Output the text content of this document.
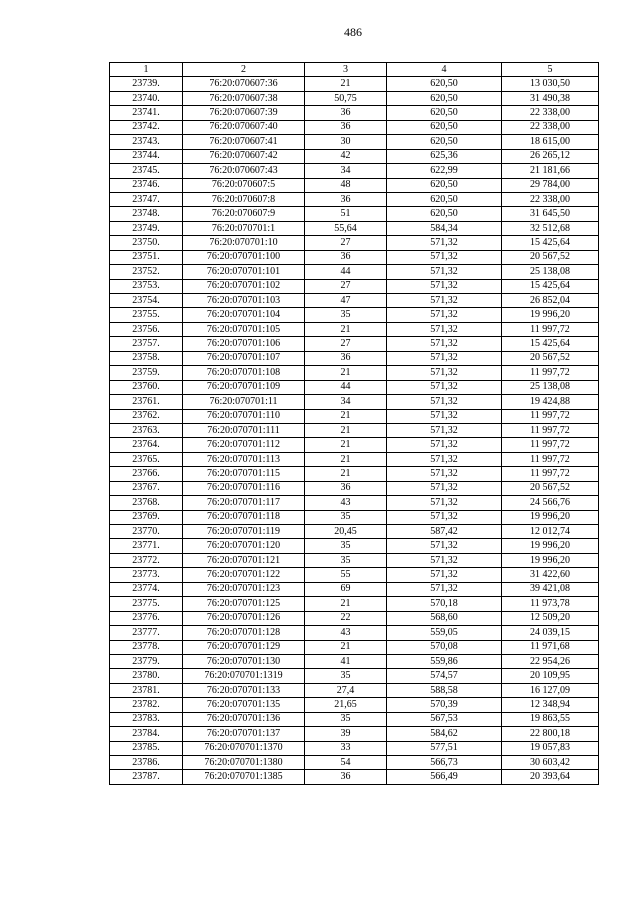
486
1	2	3	4	5
23739.	76:20:070607:36	21	620,50	13 030,50
23740.	76:20:070607:38	50,75	620,50	31 490,38
23741.	76:20:070607:39	36	620,50	22 338,00
23742.	76:20:070607:40	36	620,50	22 338,00
23743.	76:20:070607:41	30	620,50	18 615,00
23744.	76:20:070607:42	42	625,36	26 265,12
23745.	76:20:070607:43	34	622,99	21 181,66
23746.	76:20:070607:5	48	620,50	29 784,00
23747.	76:20:070607:8	36	620,50	22 338,00
23748.	76:20:070607:9	51	620,50	31 645,50
23749.	76:20:070701:1	55,64	584,34	32 512,68
23750.	76:20:070701:10	27	571,32	15 425,64
23751.	76:20:070701:100	36	571,32	20 567,52
23752.	76:20:070701:101	44	571,32	25 138,08
23753.	76:20:070701:102	27	571,32	15 425,64
23754.	76:20:070701:103	47	571,32	26 852,04
23755.	76:20:070701:104	35	571,32	19 996,20
23756.	76:20:070701:105	21	571,32	11 997,72
23757.	76:20:070701:106	27	571,32	15 425,64
23758.	76:20:070701:107	36	571,32	20 567,52
23759.	76:20:070701:108	21	571,32	11 997,72
23760.	76:20:070701:109	44	571,32	25 138,08
23761.	76:20:070701:11	34	571,32	19 424,88
23762.	76:20:070701:110	21	571,32	11 997,72
23763.	76:20:070701:111	21	571,32	11 997,72
23764.	76:20:070701:112	21	571,32	11 997,72
23765.	76:20:070701:113	21	571,32	11 997,72
23766.	76:20:070701:115	21	571,32	11 997,72
23767.	76:20:070701:116	36	571,32	20 567,52
23768.	76:20:070701:117	43	571,32	24 566,76
23769.	76:20:070701:118	35	571,32	19 996,20
23770.	76:20:070701:119	20,45	587,42	12 012,74
23771.	76:20:070701:120	35	571,32	19 996,20
23772.	76:20:070701:121	35	571,32	19 996,20
23773.	76:20:070701:122	55	571,32	31 422,60
23774.	76:20:070701:123	69	571,32	39 421,08
23775.	76:20:070701:125	21	570,18	11 973,78
23776.	76:20:070701:126	22	568,60	12 509,20
23777.	76:20:070701:128	43	559,05	24 039,15
23778.	76:20:070701:129	21	570,08	11 971,68
23779.	76:20:070701:130	41	559,86	22 954,26
23780.	76:20:070701:1319	35	574,57	20 109,95
23781.	76:20:070701:133	27,4	588,58	16 127,09
23782.	76:20:070701:135	21,65	570,39	12 348,94
23783.	76:20:070701:136	35	567,53	19 863,55
23784.	76:20:070701:137	39	584,62	22 800,18
23785.	76:20:070701:1370	33	577,51	19 057,83
23786.	76:20:070701:1380	54	566,73	30 603,42
23787.	76:20:070701:1385	36	566,49	20 393,64
